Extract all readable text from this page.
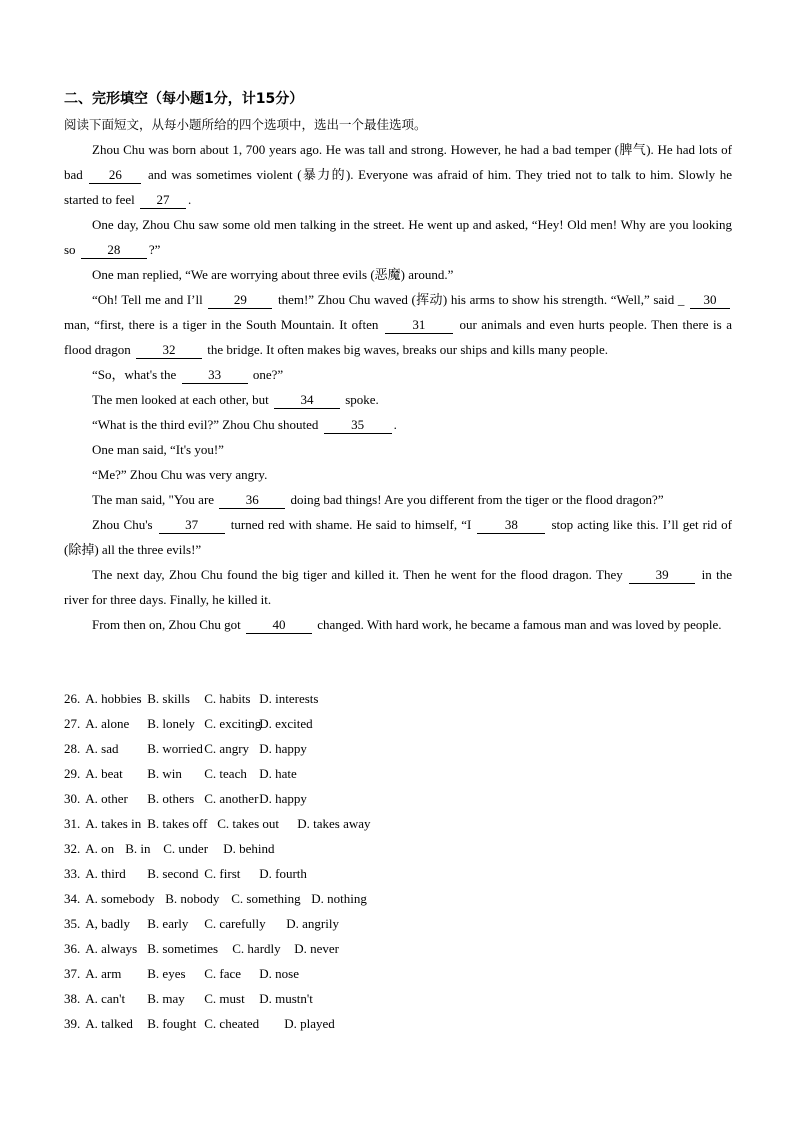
二、完形填空（每小题1分，计15分）
阅读下面短文，从每小题所给的四个选项中，选出一个最佳选项。

Zhou Chu was born about 1, 700 years ago. He was tall and strong. However, he had a bad temper (脾气). He had lots of bad 26 and was sometimes violent (暴力的). Everyone was afraid of him. They tried not to talk to him. Slowly he started to feel 27 .

One day, Zhou Chu saw some old men talking in the street. He went up and asked, “Hey! Old men! Why are you looking so 28 ?”

One man replied, “We are worrying about three evils (恶魔) around.”

“Oh! Tell me and I’ll 29 them!” Zhou Chu waved (挥动) his arms to show his strength. “Well,” said _ 30 man, “first, there is a tiger in the South Mountain. It often	31	our animals and even hurts people. Then there is a flood dragon 32 the bridge. It often makes big waves, breaks our ships and kills many people.

“So，what's the 33 one?”

The men looked at each other, but 34 spoke.

“What is the third evil?” Zhou Chu shouted	35 .

One man said, “It's you!”

“Me?” Zhou Chu was very angry.

The man said, "You are 36 doing bad things! Are you different from the tiger or the flood dragon?”

Zhou Chu's	37	turned red with shame. He said to himself, “I	38	stop acting like this. I’ll get rid of (除掉) all the three evils!”

The next day, Zhou Chu found the big tiger and killed it. Then he went for the flood dragon. They	39	in the river for three days. Finally, he killed it.

From then on, Zhou Chu got 40 changed. With hard work, he became a famous man and was loved by people.

26. A. hobbies B. skills C. habits D. interests
27. A. alone B. lonely C. excitingD. excited
28. A. sad B. worriedC. angry D. happy
29. A. beat B. win C. teach D. hate
30. A. other B. others C. anotherD. happy
31. A. takes in B. takes off C. takes out D. takes away
32. A. on B. in C. under D. behind
33. A. third B. second C. first D. fourth
34. A. somebody B. nobody C. something D. nothing
35. A, badly B. early C. carefully D. angrily
36. A. always B. sometimes C. hardly D. never
37. A. arm B. eyes C. face D. nose
38. A. can't B. may C. must D. mustn't
39. A. talked B. fought C. cheated D. played
